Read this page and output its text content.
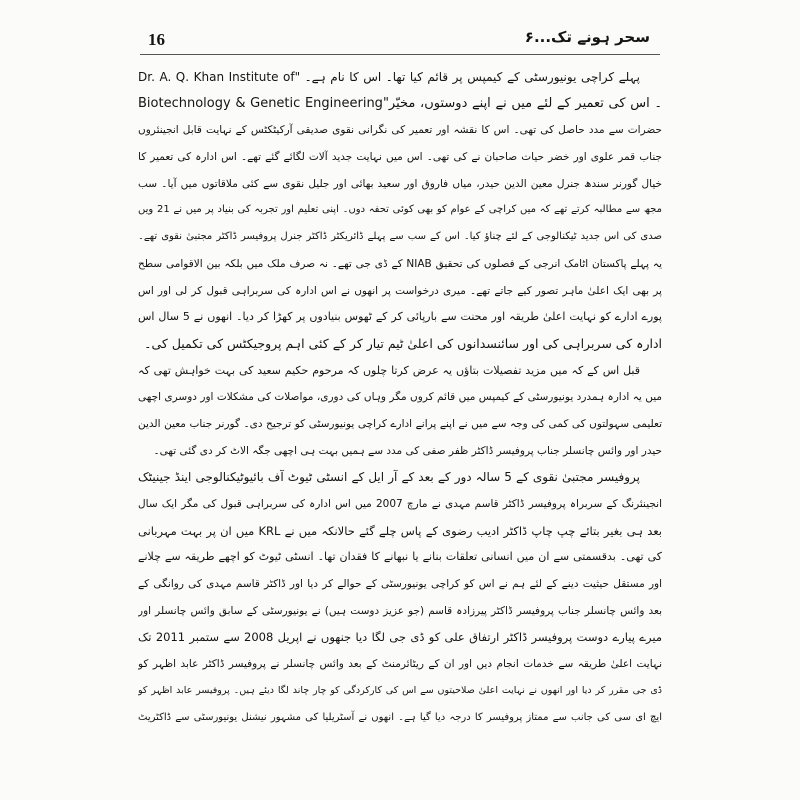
16	سحر ہونے تک...۶
پہلے کراچی یونیورسٹی کے کیمپس پر قائم کیا تھا۔ اس کا نام ہے۔ "Dr. A. Q. Khan Institute of
Biotechnology & Genetic Engineering"۔ اس کی تعمیر کے لئے میں نے اپنے دوستوں، مخیّر
حضرات سے مدد حاصل کی تھی۔ اس کا نقشہ اور تعمیر کی نگرانی نقوی صدیقی آرکیٹکٹس کے نہایت قابل انجینئروں
جناب قمر علوی اور خضر حیات صاحبان نے کی تھی۔ اس میں نہایت جدید آلات لگائے گئے تھے۔ اس ادارہ کی تعمیر کا
خیال گورنر سندھ جنرل معین الدین حیدر، میاں فاروق اور سعید بھائی اور جلیل نقوی سے کئی ملاقاتوں میں آیا۔ سب
مجھ سے مطالبہ کرتے تھے کہ میں کراچی کے عوام کو بھی کوئی تحفہ دوں۔ اپنی تعلیم اور تجربہ کی بنیاد پر میں نے 21 ویں
صدی کی اس جدید ٹیکنالوجی کے لئے چناؤ کیا۔ اس کے سب سے پہلے ڈائریکٹر ڈاکٹر جنرل پروفیسر ڈاکٹر مجتبیٰ نقوی تھے۔
یہ پہلے پاکستان اٹامک انرجی کے فصلوں کی تحقیق NIAB کے ڈی جی تھے۔ نہ صرف ملک میں بلکہ بین الاقوامی سطح
پر بھی ایک اعلیٰ ماہر تصور کیے جاتے تھے۔ میری درخواست پر انھوں نے اس ادارہ کی سربراہی قبول کر لی اور اس
پورے ادارے کو نہایت اعلیٰ طریقہ اور محنت سے بارپائی کر کے ٹھوس بنیادوں پر کھڑا کر دیا۔ انھوں نے 5 سال اس
ادارہ کی سربراہی کی اور سائنسدانوں کی اعلیٰ ٹیم تیار کر کے کئی اہم پروجیکٹس کی تکمیل کی۔
قبل اس کے کہ میں مزید تفصیلات بتاؤں یہ عرض کرتا چلوں کہ مرحوم حکیم سعید کی بہت خواہش تھی کہ
میں یہ ادارہ ہمدرد یونیورسٹی کے کیمپس میں قائم کروں مگر وہاں کی دوری، مواصلات کی مشکلات اور دوسری اچھی
تعلیمی سہولتوں کی کمی کی وجہ سے میں نے اپنے پرانے ادارے کراچی یونیورسٹی کو ترجیح دی۔ گورنر جناب معین الدین
حیدر اور وائس چانسلر جناب پروفیسر ڈاکٹر ظفر صفی کی مدد سے ہمیں بہت ہی اچھی جگہ الاٹ کر دی گئی تھی۔
پروفیسر مجتبیٰ نقوی کے 5 سالہ دور کے بعد کے آر ایل کے انسٹی ٹیوٹ آف بائیوٹیکنالوجی اینڈ جینیٹک
انجینئرنگ کے سربراہ پروفیسر ڈاکٹر قاسم مہدی نے مارچ 2007 میں اس ادارہ کی سربراہی قبول کی مگر ایک سال
بعد ہی بغیر بتائے چپ چاپ ڈاکٹر ادیب رضوی کے پاس چلے گئے حالانکہ میں نے KRL میں ان پر بہت مہربانی
کی تھی۔ بدقسمتی سے ان میں انسانی تعلقات بنانے یا نبھانے کا فقدان تھا۔ انسٹی ٹیوٹ کو اچھے طریقہ سے چلانے
اور مستقل حیثیت دینے کے لئے ہم نے اس کو کراچی یونیورسٹی کے حوالے کر دیا اور ڈاکٹر قاسم مہدی کی روانگی کے
بعد وائس چانسلر جناب پروفیسر ڈاکٹر پیرزادہ قاسم (جو عزیز دوست ہیں) نے یونیورسٹی کے سابق وائس چانسلر اور
میرے پیارے دوست پروفیسر ڈاکٹر ارتفاق علی کو ڈی جی لگا دیا جنھوں نے اپریل 2008 سے ستمبر 2011 تک
نہایت اعلیٰ طریقہ سے خدمات انجام دیں اور ان کے ریٹائرمنٹ کے بعد وائس چانسلر نے پروفیسر ڈاکٹر عابد اظہر کو
ڈی جی مقرر کر دیا اور انھوں نے نہایت اعلیٰ صلاحیتوں سے اس کی کارکردگی کو چار چاند لگا دیئے ہیں۔ پروفیسر عابد اظہر کو
ایچ ای سی کی جانب سے ممتاز پروفیسر کا درجہ دیا گیا ہے۔ انھوں نے آسٹریلیا کی مشہور نیشنل یونیورسٹی سے ڈاکٹریٹ
